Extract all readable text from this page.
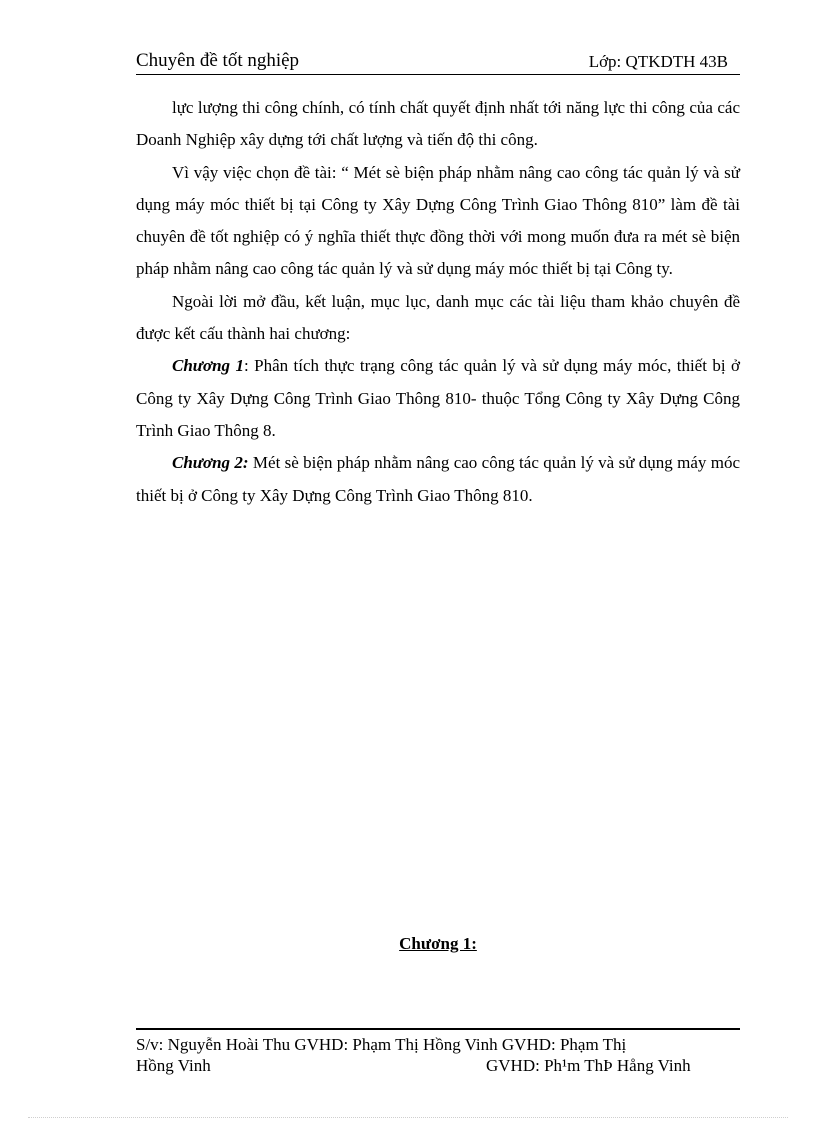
Chuyên đề tốt nghiệp	Lớp: QTKDTH 43B

lực lượng thi công chính, có tính chất quyết định nhất tới năng lực thi công của các Doanh Nghiệp xây dựng tới chất lượng và tiến độ thi công.

Vì vậy việc chọn đề tài: “ Mét sè biện pháp nhằm nâng cao công tác quản lý và sử dụng máy móc thiết bị tại Công ty Xây Dựng Công Trình Giao Thông 810” làm đề tài chuyên đề tốt nghiệp có ý nghĩa thiết thực đồng thời với mong muốn đưa ra mét sè biện pháp nhằm nâng cao công tác quản lý và sử dụng máy móc thiết bị tại Công ty.

Ngoài lời mở đầu, kết luận, mục lục, danh mục các tài liệu tham khảo chuyên đề được kết cấu thành hai chương:

Chương 1: Phân tích thực trạng công tác quản lý và sử dụng máy móc, thiết bị ở Công ty Xây Dựng Công Trình Giao Thông 810- thuộc Tổng Công ty Xây Dựng Công Trình Giao Thông 8.

Chương 2: Mét sè biện pháp nhằm nâng cao công tác quản lý và sử dụng máy móc thiết bị ở Công ty Xây Dựng Công Trình Giao Thông 810.

Chương 1:
S/v: Nguyễn Hoài Thu GVHD: Phạm Thị Hồng Vinh GVHD: Phạm Thị
Hồng Vinh	GVHD: Ph¹m ThÞ Hång Vinh
